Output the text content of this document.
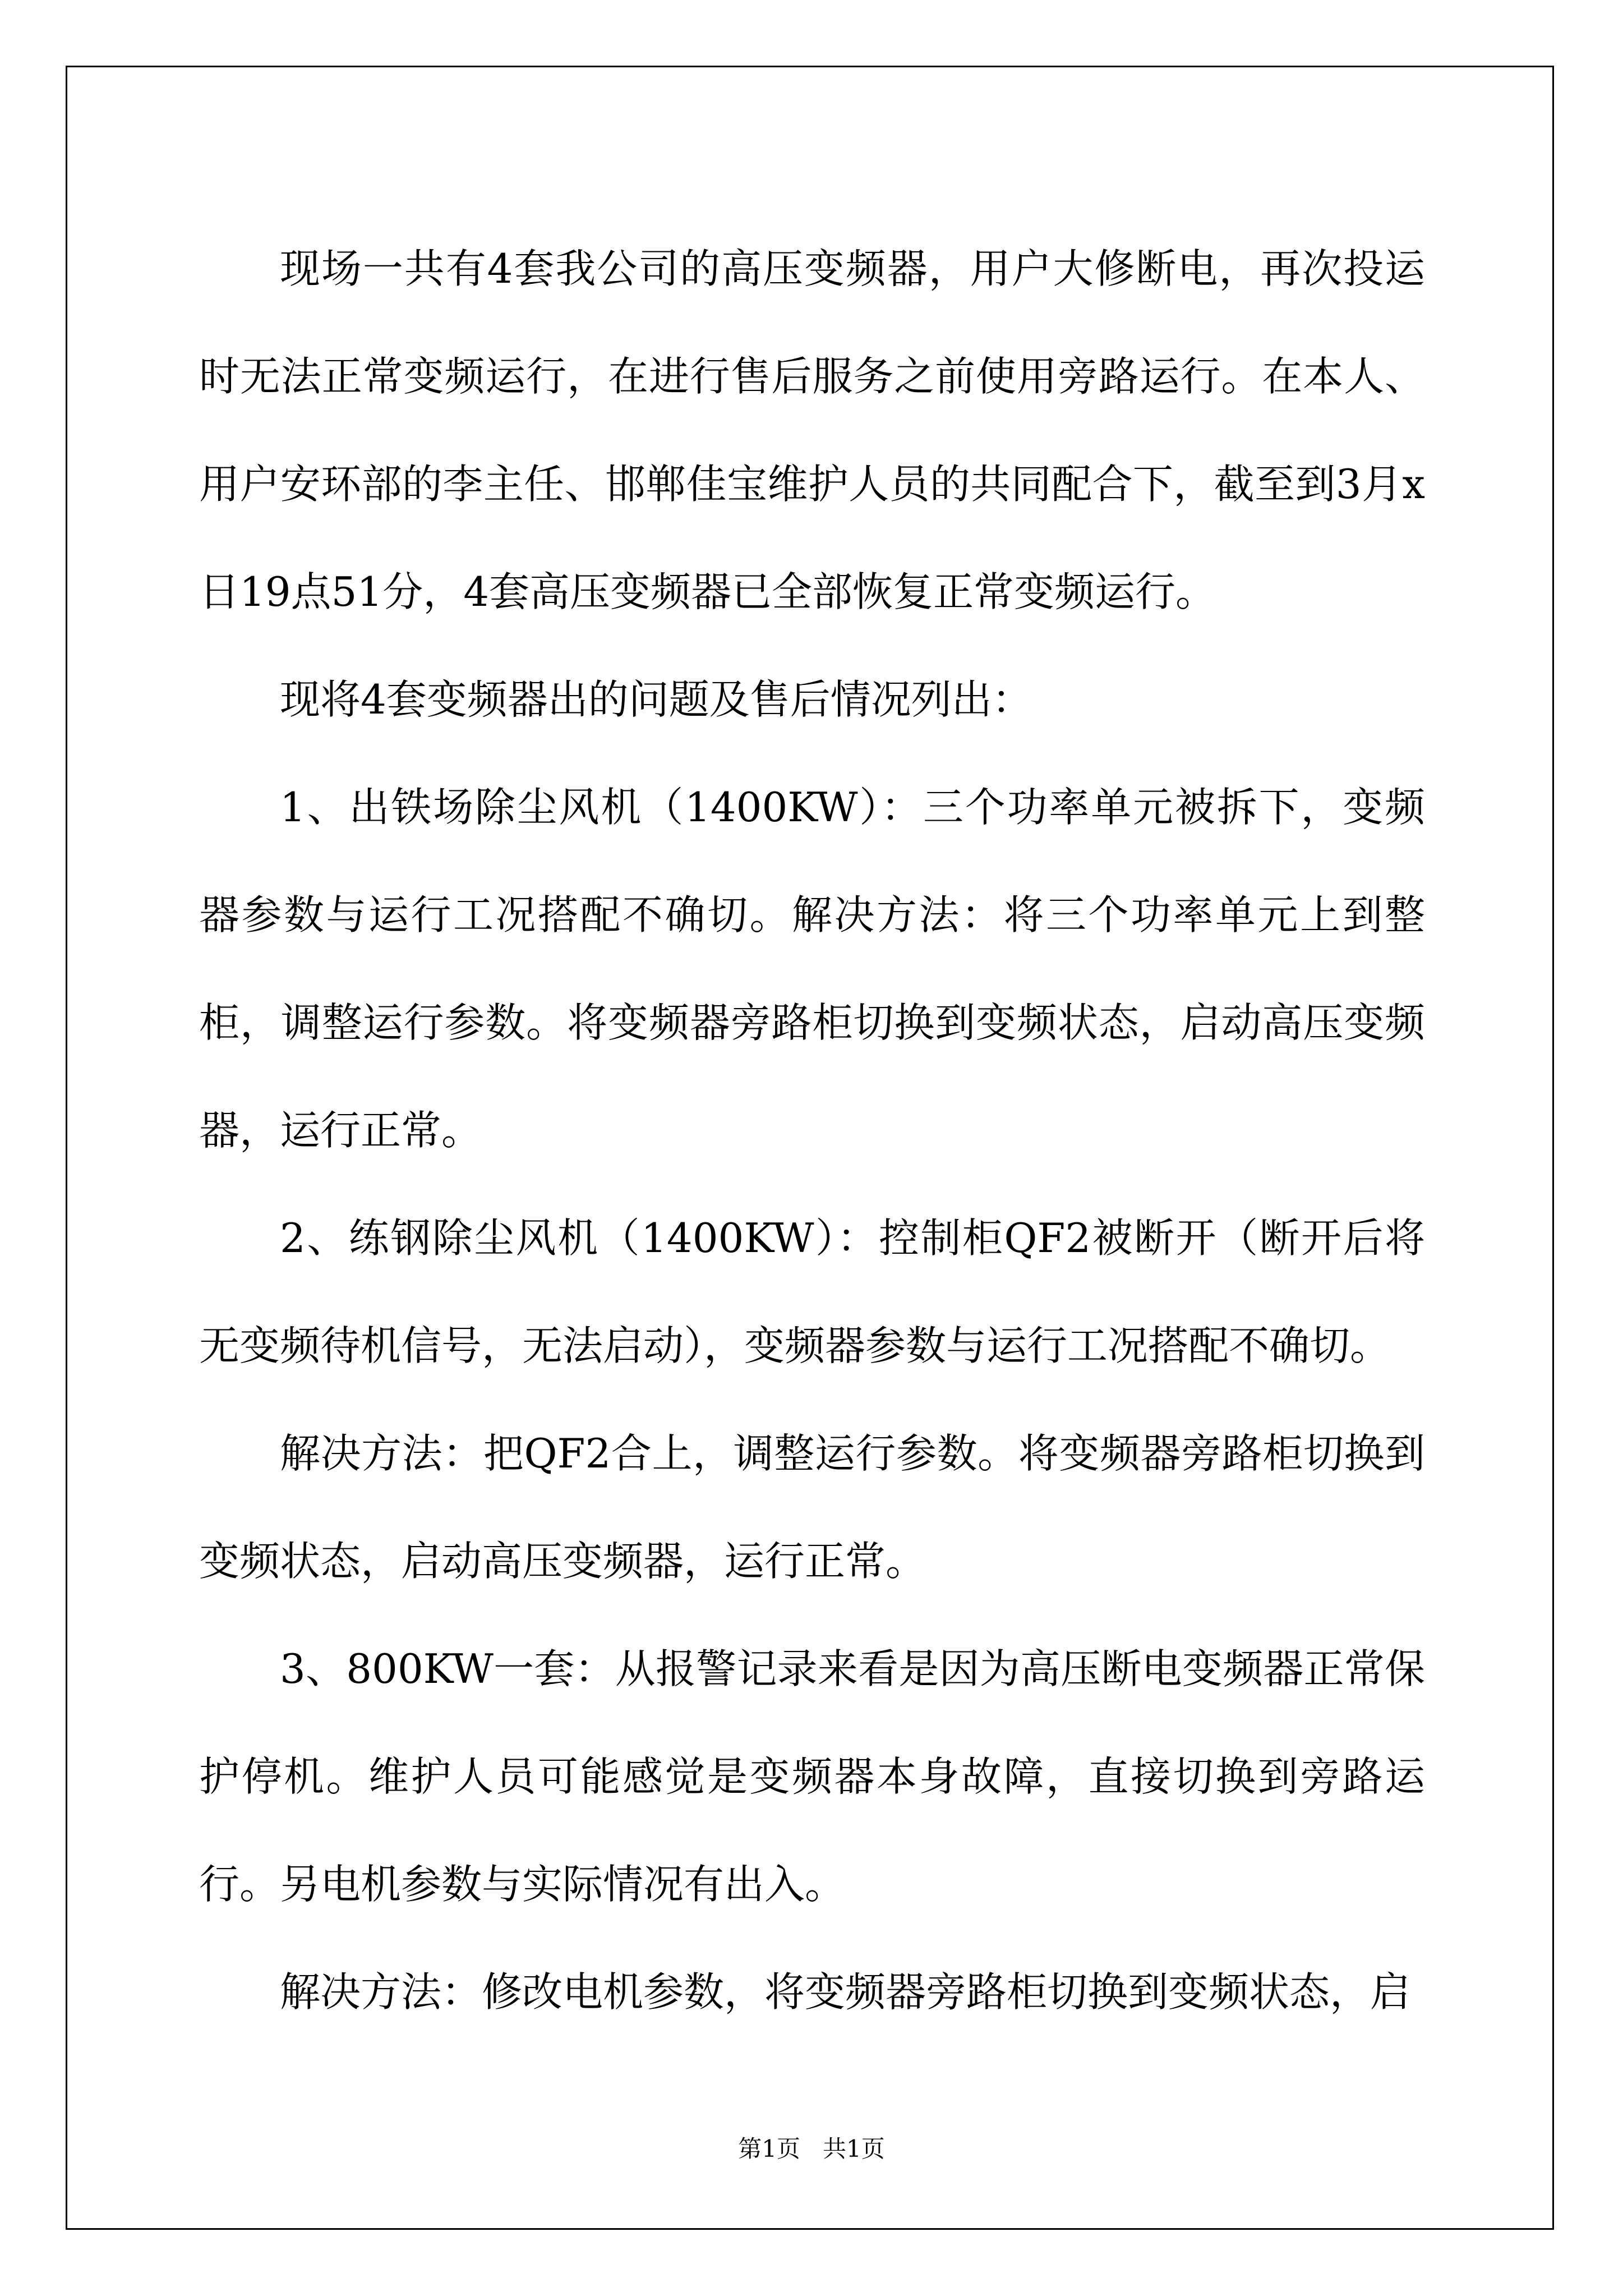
现场一共有4套我公司的高压变频器，用户大修断电，再次投运时无法正常变频运行，在进行售后服务之前使用旁路运行。在本人、用户安环部的李主任、邯郸佳宝维护人员的共同配合下，截至到3月x日19点51分，4套高压变频器已全部恢复正常变频运行。

现将4套变频器出的问题及售后情况列出：

1、出铁场除尘风机（1400KW）：三个功率单元被拆下，变频器参数与运行工况搭配不确切。解决方法：将三个功率单元上到整柜，调整运行参数。将变频器旁路柜切换到变频状态，启动高压变频器，运行正常。

2、练钢除尘风机（1400KW）：控制柜QF2被断开（断开后将无变频待机信号，无法启动），变频器参数与运行工况搭配不确切。

解决方法：把QF2合上，调整运行参数。将变频器旁路柜切换到变频状态，启动高压变频器，运行正常。

3、800KW一套：从报警记录来看是因为高压断电变频器正常保护停机。维护人员可能感觉是变频器本身故障，直接切换到旁路运行。另电机参数与实际情况有出入。

解决方法：修改电机参数，将变频器旁路柜切换到变频状态，启

第1页   共1页
